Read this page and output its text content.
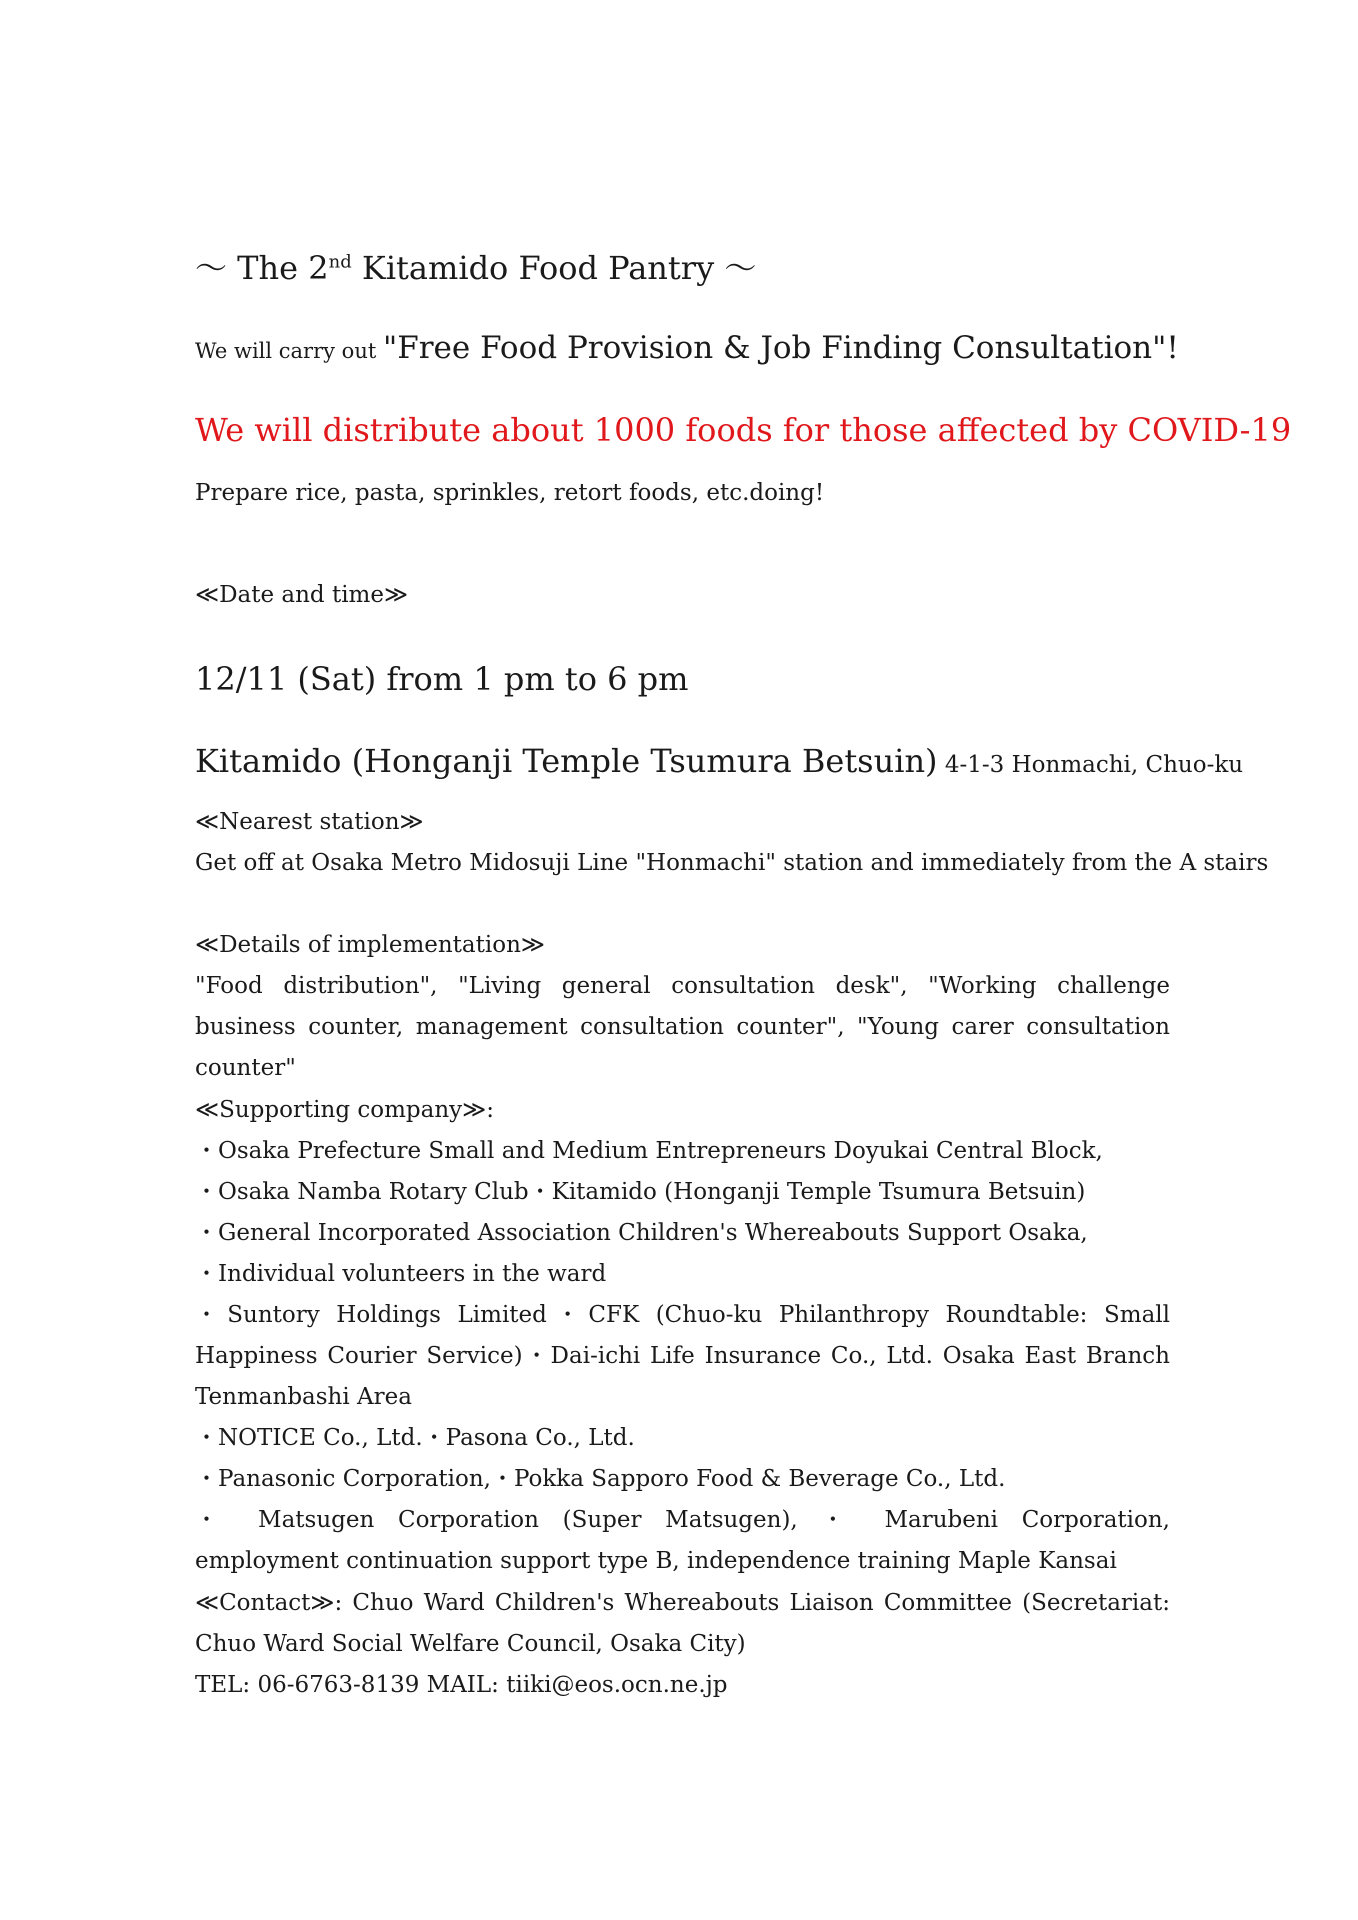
～ The 2nd Kitamido Food Pantry ～
We will carry out "Free Food Provision & Job Finding Consultation"!
We will distribute about 1000 foods for those affected by COVID-19
Prepare rice, pasta, sprinkles, retort foods, etc.doing!
≪Date and time≫
12/11 (Sat) from 1 pm to 6 pm
Kitamido (Honganji Temple Tsumura Betsuin) 4-1-3 Honmachi, Chuo-ku
≪Nearest station≫
Get off at Osaka Metro Midosuji Line "Honmachi" station and immediately from the A stairs
≪Details of implementation≫
"Food distribution", "Living general consultation desk", "Working challenge business counter, management consultation counter", "Young carer consultation counter"
≪Supporting company≫:
・Osaka Prefecture Small and Medium Entrepreneurs Doyukai Central Block,
・Osaka Namba Rotary Club・Kitamido (Honganji Temple Tsumura Betsuin)
・General Incorporated Association Children's Whereabouts Support Osaka,
・Individual volunteers in the ward
・Suntory Holdings Limited・CFK (Chuo-ku Philanthropy Roundtable: Small Happiness Courier Service)・Dai-ichi Life Insurance Co., Ltd. Osaka East Branch Tenmanbashi Area
・NOTICE Co., Ltd.・Pasona Co., Ltd.
・Panasonic Corporation,・Pokka Sapporo Food & Beverage Co., Ltd.
・ Matsugen Corporation (Super Matsugen), ・ Marubeni Corporation, employment continuation support type B, independence training Maple Kansai
≪Contact≫: Chuo Ward Children's Whereabouts Liaison Committee (Secretariat: Chuo Ward Social Welfare Council, Osaka City)
TEL: 06-6763-8139 MAIL: tiiki@eos.ocn.ne.jp
